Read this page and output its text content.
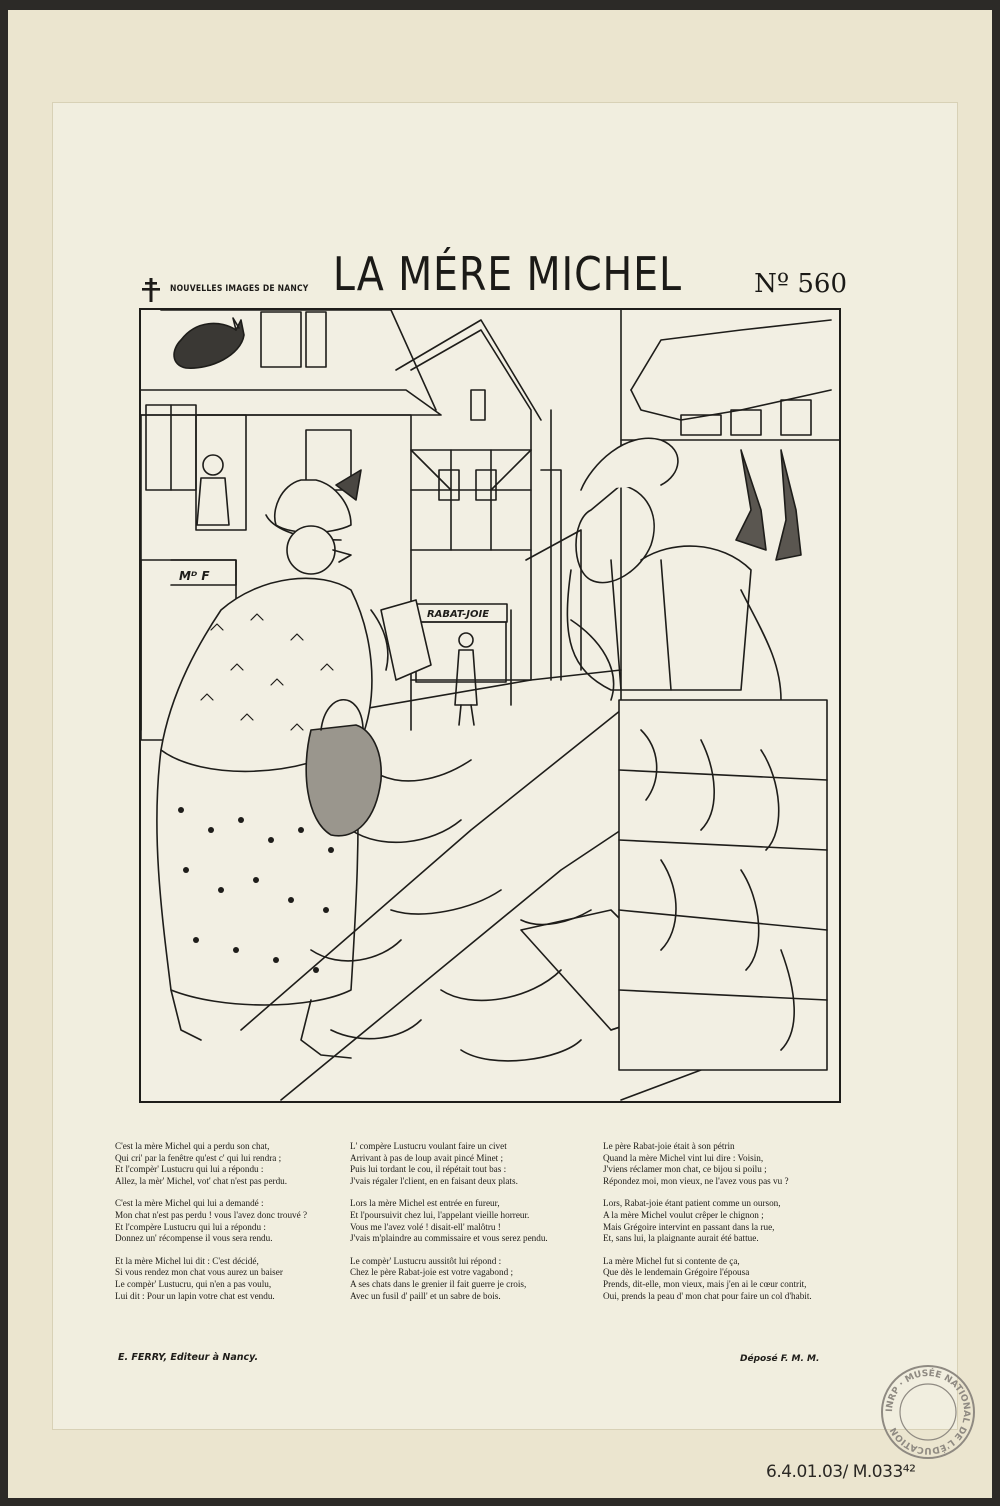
NOUVELLES IMAGES DE NANCY LA MÉRE MICHEL	Nº 560
RABAT-JOIE
Mᴰ F
C'est la mère Michel qui a perdu son chat,
Qui cri' par la fenêtre qu'est c' qui lui rendra ;
Et l'compèr' Lustucru qui lui a répondu :
Allez, la mèr' Michel, vot' chat n'est pas perdu.
C'est la mère Michel qui lui a demandé :
Mon chat n'est pas perdu ! vous l'avez donc trouvé ?
Et l'compère Lustucru qui lui a répondu :
Donnez un' récompense il vous sera rendu.
Et la mère Michel lui dit : C'est décidé,
Si vous rendez mon chat vous aurez un baiser
Le compèr' Lustucru, qui n'en a pas voulu,
Lui dit : Pour un lapin votre chat est vendu.
L' compère Lustucru voulant faire un civet
Arrivant à pas de loup avait pincé Minet ;
Puis lui tordant le cou, il répétait tout bas :
J'vais régaler l'client, en en faisant deux plats.
Lors la mère Michel est entrée en fureur,
Et l'poursuivit chez lui, l'appelant vieille horreur.
Vous me l'avez volé ! disait-ell' malôtru !
J'vais m'plaindre au commissaire et vous serez pendu.
Le compèr' Lustucru aussitôt lui répond :
Chez le père Rabat-joie est votre vagabond ;
A ses chats dans le grenier il fait guerre je crois,
Avec un fusil d' paill' et un sabre de bois.
Le père Rabat-joie était à son pétrin
Quand la mère Michel vint lui dire : Voisin,
J'viens réclamer mon chat, ce bijou si poilu ;
Répondez moi, mon vieux, ne l'avez vous pas vu ?
Lors, Rabat-joie étant patient comme un ourson,
A la mère Michel voulut crêper le chignon ;
Mais Grégoire intervint en passant dans la rue,
Et, sans lui, la plaignante aurait été battue.
La mère Michel fut si contente de ça,
Que dès le lendemain Grégoire l'épousa
Prends, dit-elle, mon vieux, mais j'en ai le cœur contrit,
Oui, prends la peau d' mon chat pour faire un col d'habit.
E. FERRY, Editeur à Nancy.	Déposé F. M. M.
INRP · MUSÉE NATIONAL DE L'ÉDUCATION
6.4.01.03/ M.033⁴²
